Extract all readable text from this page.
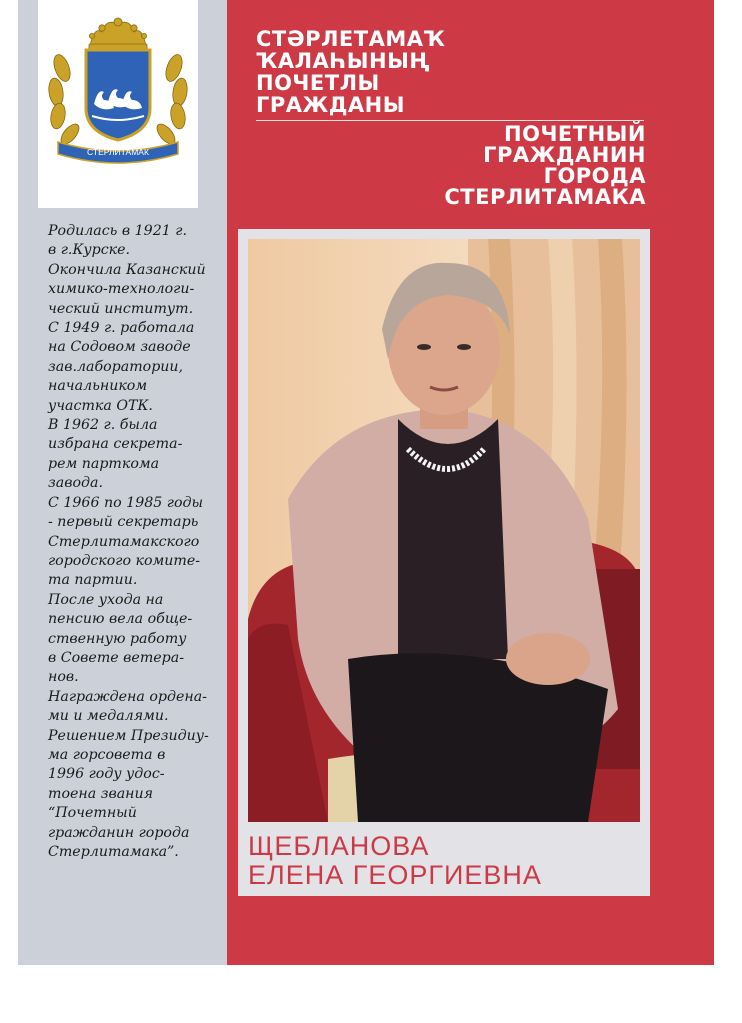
СТЕРЛИТАМАК
СТӘРЛЕТАМАҠ
ҠАЛАҺЫНЫҢ
ПОЧЕТЛЫ
ГРАЖДАНЫ
ПОЧЕТНЫЙ
ГРАЖДАНИН
ГОРОДА
СТЕРЛИТАМАКА
ЩЕБЛАНОВА
ЕЛЕНА ГЕОРГИЕВНА
Родилась в 1921 г.
в г.Курске.
Окончила Казанский
химико-технологи-
ческий институт.
С 1949 г. работала
на Содовом заводе
зав.лаборатории,
начальником
участка ОТК.
В 1962 г. была
избрана секрета-
рем парткома
завода.
С 1966 по 1985 годы
- первый секретарь
Стерлитамакского
городского комите-
та партии.
После ухода на
пенсию вела обще-
ственную работу
в Совете ветера-
нов.
Награждена ордена-
ми и медалями.
Решением Президиу-
ма горсовета в
1996 году удос-
тоена звания
“Почетный
гражданин города
Стерлитамака”.
